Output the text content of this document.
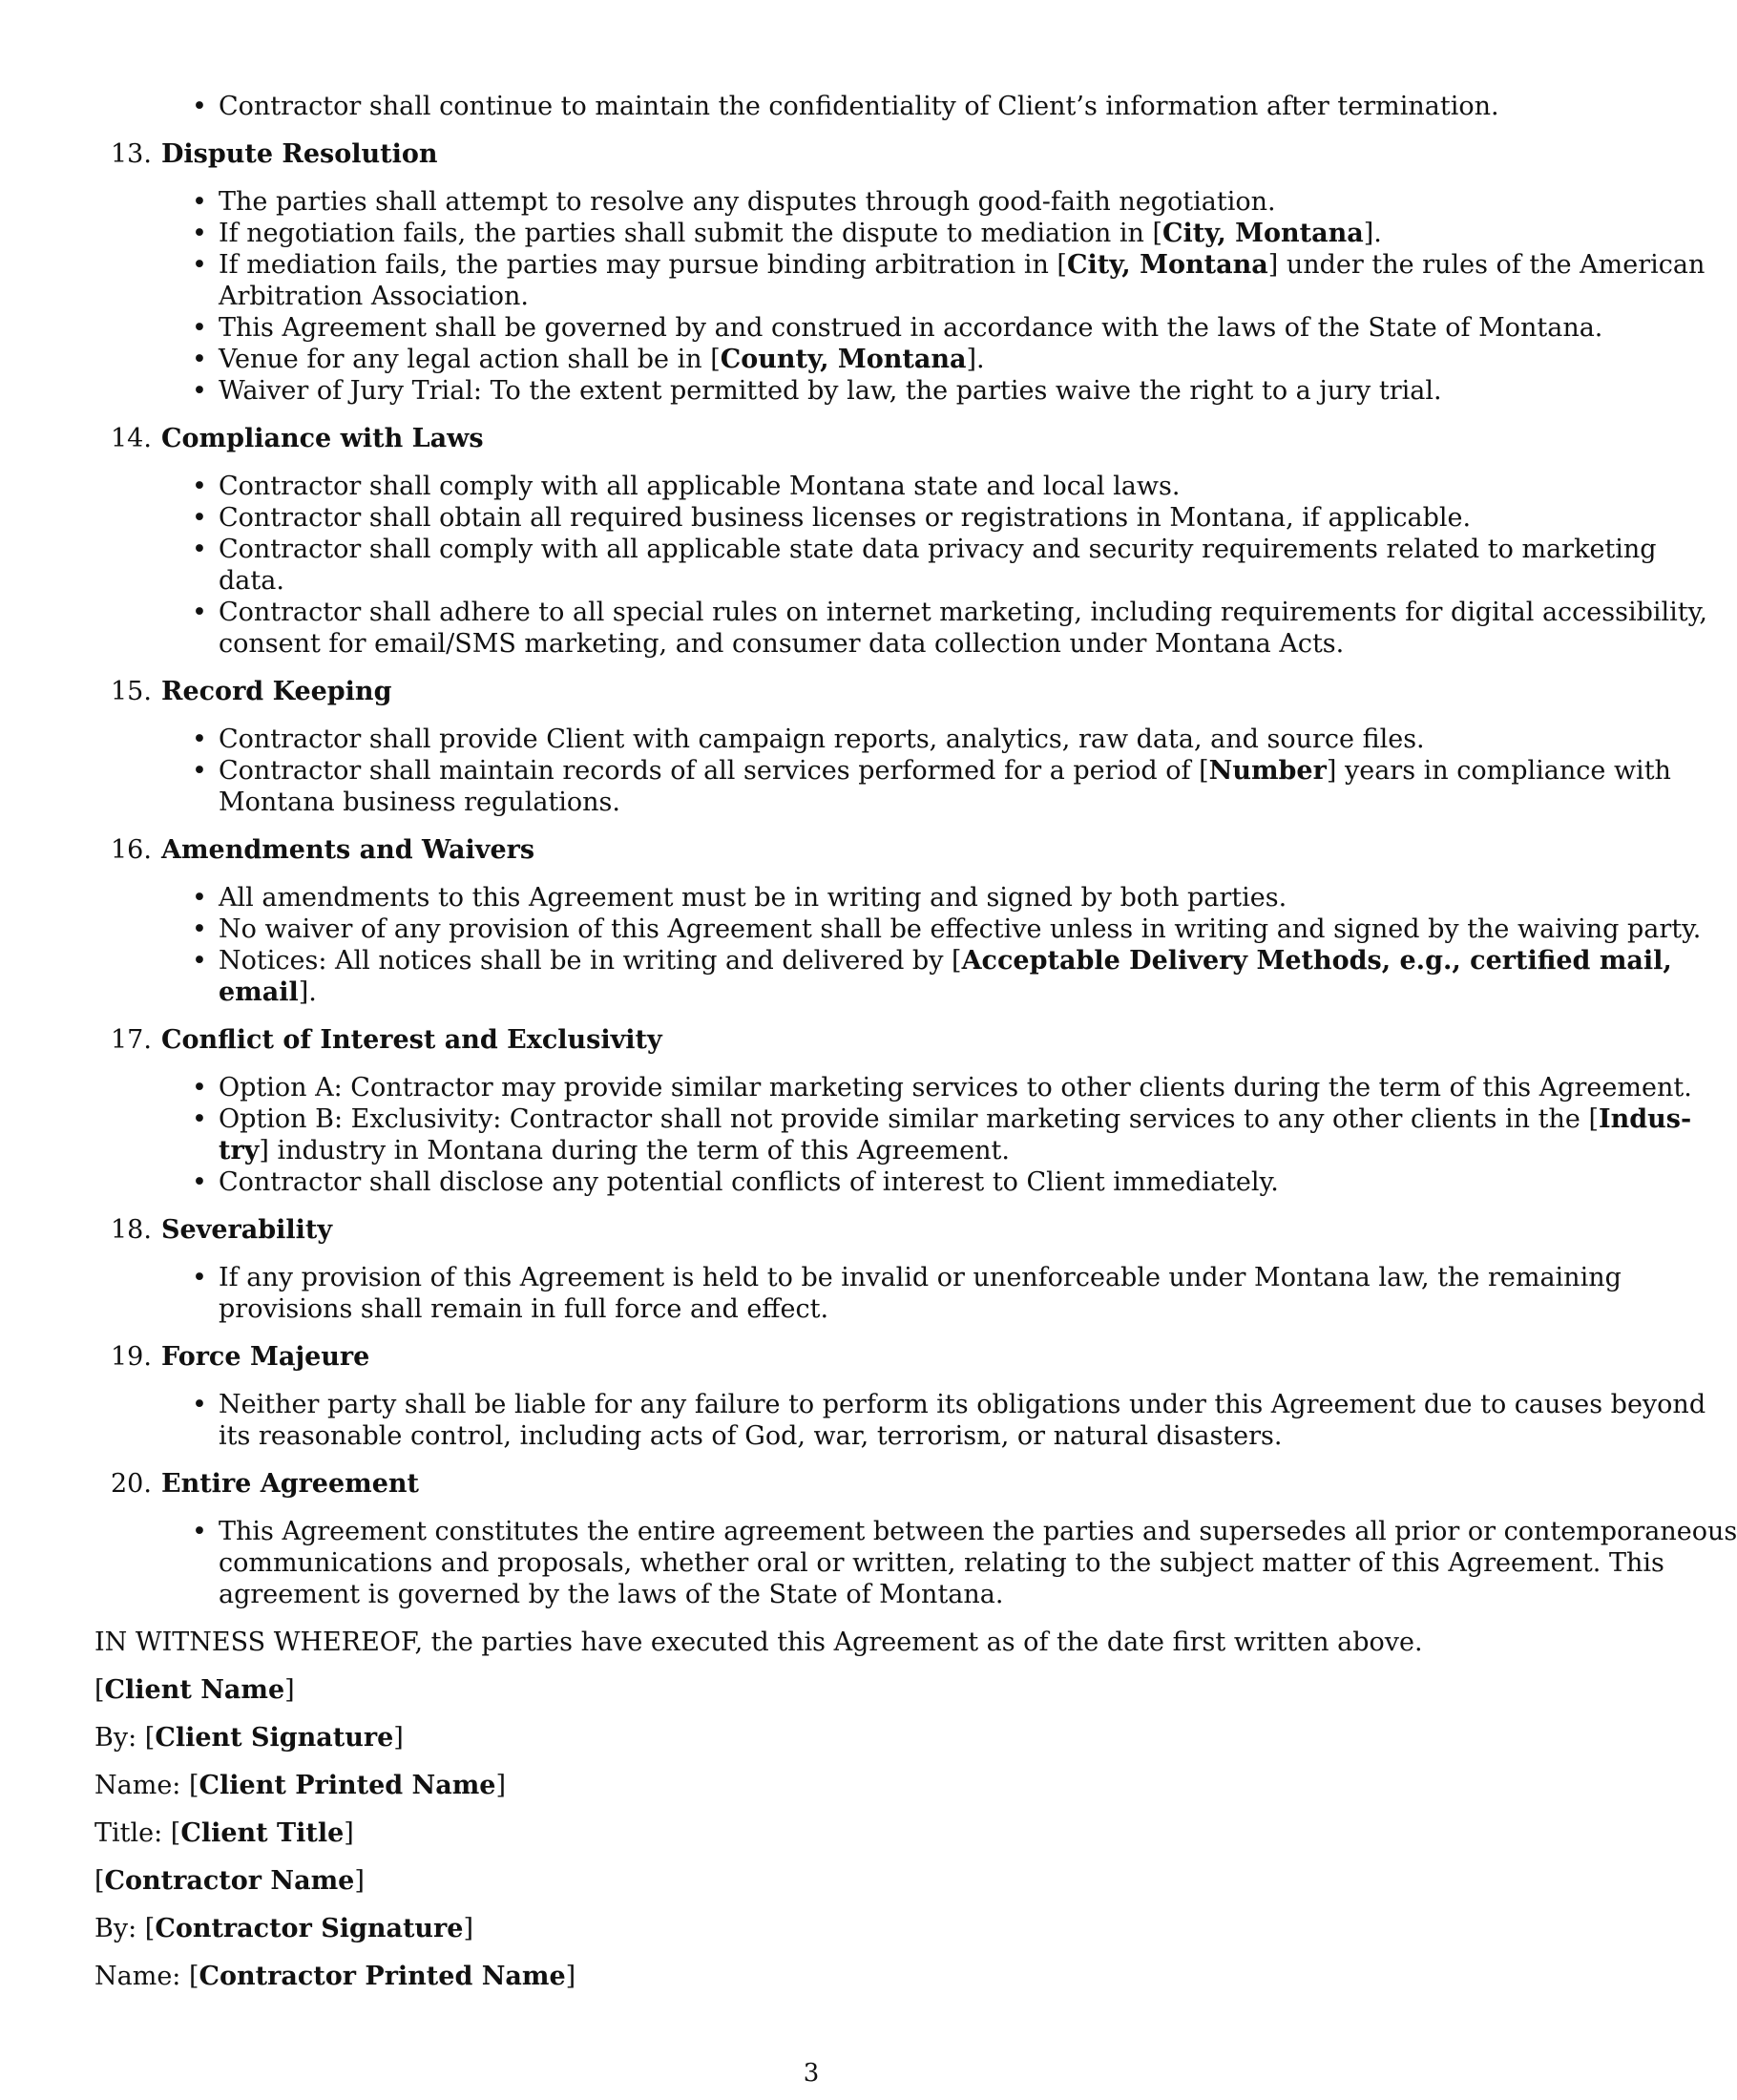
• Contractor shall continue to maintain the confidentiality of Client’s information after termination.
13. Dispute Resolution
• The parties shall attempt to resolve any disputes through good-faith negotiation.
• If negotiation fails, the parties shall submit the dispute to mediation in [City, Montana].
• If mediation fails, the parties may pursue binding arbitration in [City, Montana] under the rules of the American
Arbitration Association.
• This Agreement shall be governed by and construed in accordance with the laws of the State of Montana.
• Venue for any legal action shall be in [County, Montana].
• Waiver of Jury Trial: To the extent permitted by law, the parties waive the right to a jury trial.
14. Compliance with Laws
• Contractor shall comply with all applicable Montana state and local laws.
• Contractor shall obtain all required business licenses or registrations in Montana, if applicable.
• Contractor shall comply with all applicable state data privacy and security requirements related to marketing
data.
• Contractor shall adhere to all special rules on internet marketing, including requirements for digital accessibility,
consent for email/SMS marketing, and consumer data collection under Montana Acts.
15. Record Keeping
• Contractor shall provide Client with campaign reports, analytics, raw data, and source files.
• Contractor shall maintain records of all services performed for a period of [Number] years in compliance with
Montana business regulations.
16. Amendments and Waivers
• All amendments to this Agreement must be in writing and signed by both parties.
• No waiver of any provision of this Agreement shall be effective unless in writing and signed by the waiving party.
• Notices: All notices shall be in writing and delivered by [Acceptable Delivery Methods, e.g., certified mail,
email].
17. Conflict of Interest and Exclusivity
• Option A: Contractor may provide similar marketing services to other clients during the term of this Agreement.
• Option B: Exclusivity: Contractor shall not provide similar marketing services to any other clients in the [Indus-
try] industry in Montana during the term of this Agreement.
• Contractor shall disclose any potential conflicts of interest to Client immediately.
18. Severability
• If any provision of this Agreement is held to be invalid or unenforceable under Montana law, the remaining
provisions shall remain in full force and effect.
19. Force Majeure
• Neither party shall be liable for any failure to perform its obligations under this Agreement due to causes beyond
its reasonable control, including acts of God, war, terrorism, or natural disasters.
20. Entire Agreement
• This Agreement constitutes the entire agreement between the parties and supersedes all prior or contemporaneous
communications and proposals, whether oral or written, relating to the subject matter of this Agreement. This
agreement is governed by the laws of the State of Montana.
IN WITNESS WHEREOF, the parties have executed this Agreement as of the date first written above.
[Client Name]
By: [Client Signature]
Name: [Client Printed Name]
Title: [Client Title]
[Contractor Name]
By: [Contractor Signature]
Name: [Contractor Printed Name]
3
